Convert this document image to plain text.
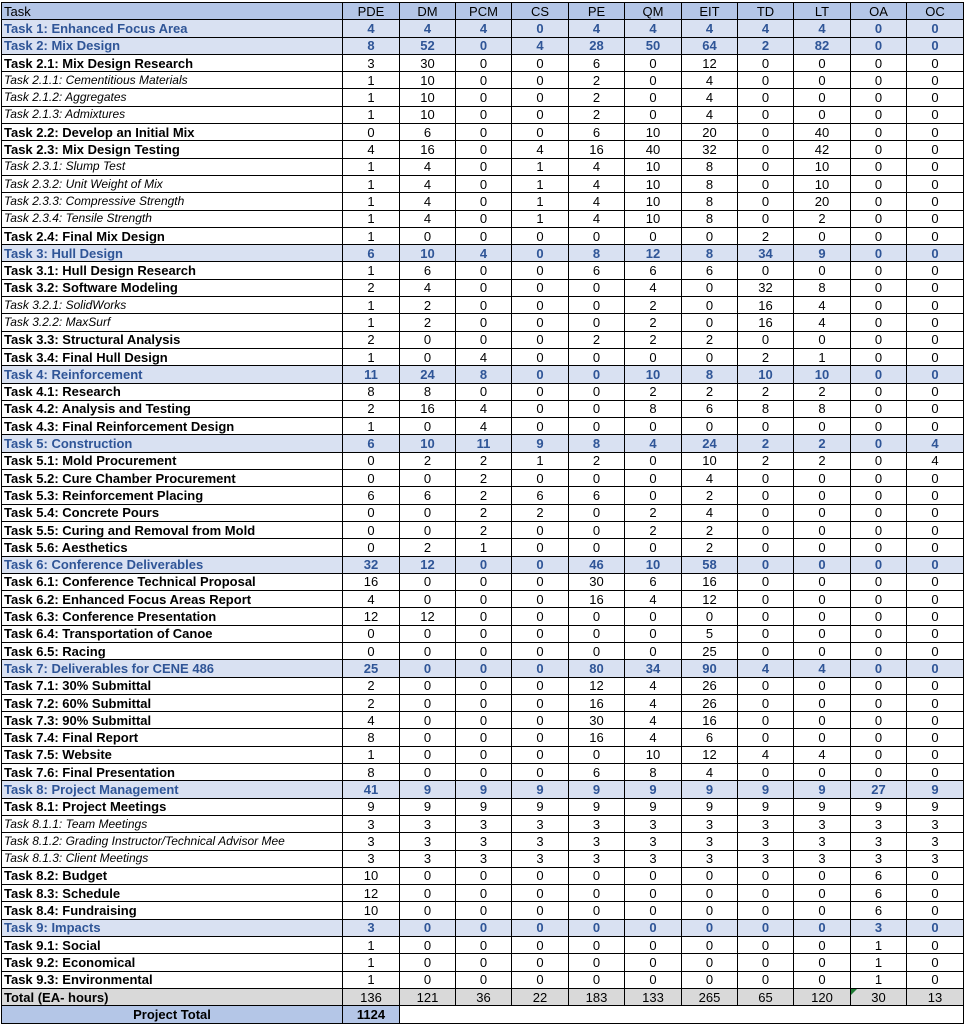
Task	PDE	DM	PCM	CS	PE	QM	EIT	TD	LT	OA	OC
Task 1: Enhanced Focus Area	4	4	4	0	4	4	4	4	4	0	0
Task 2: Mix Design	8	52	0	4	28	50	64	2	82	0	0
Task 2.1: Mix Design Research	3	30	0	0	6	0	12	0	0	0	0
Task 2.1.1: Cementitious Materials	1	10	0	0	2	0	4	0	0	0	0
Task 2.1.2: Aggregates	1	10	0	0	2	0	4	0	0	0	0
Task 2.1.3: Admixtures	1	10	0	0	2	0	4	0	0	0	0
Task 2.2: Develop an Initial Mix	0	6	0	0	6	10	20	0	40	0	0
Task 2.3: Mix Design Testing	4	16	0	4	16	40	32	0	42	0	0
Task 2.3.1: Slump Test	1	4	0	1	4	10	8	0	10	0	0
Task 2.3.2: Unit Weight of Mix	1	4	0	1	4	10	8	0	10	0	0
Task 2.3.3: Compressive Strength	1	4	0	1	4	10	8	0	20	0	0
Task 2.3.4: Tensile Strength	1	4	0	1	4	10	8	0	2	0	0
Task 2.4: Final Mix Design	1	0	0	0	0	0	0	2	0	0	0
Task 3: Hull Design	6	10	4	0	8	12	8	34	9	0	0
Task 3.1: Hull Design Research	1	6	0	0	6	6	6	0	0	0	0
Task 3.2: Software Modeling	2	4	0	0	0	4	0	32	8	0	0
Task 3.2.1: SolidWorks	1	2	0	0	0	2	0	16	4	0	0
Task 3.2.2: MaxSurf	1	2	0	0	0	2	0	16	4	0	0
Task 3.3: Structural Analysis	2	0	0	0	2	2	2	0	0	0	0
Task 3.4: Final Hull Design	1	0	4	0	0	0	0	2	1	0	0
Task 4: Reinforcement	11	24	8	0	0	10	8	10	10	0	0
Task 4.1: Research	8	8	0	0	0	2	2	2	2	0	0
Task 4.2: Analysis and Testing	2	16	4	0	0	8	6	8	8	0	0
Task 4.3: Final Reinforcement Design	1	0	4	0	0	0	0	0	0	0	0
Task 5: Construction	6	10	11	9	8	4	24	2	2	0	4
Task 5.1: Mold Procurement	0	2	2	1	2	0	10	2	2	0	4
Task 5.2: Cure Chamber Procurement	0	0	2	0	0	0	4	0	0	0	0
Task 5.3: Reinforcement Placing	6	6	2	6	6	0	2	0	0	0	0
Task 5.4: Concrete Pours	0	0	2	2	0	2	4	0	0	0	0
Task 5.5: Curing and Removal from Mold	0	0	2	0	0	2	2	0	0	0	0
Task 5.6: Aesthetics	0	2	1	0	0	0	2	0	0	0	0
Task 6: Conference Deliverables	32	12	0	0	46	10	58	0	0	0	0
Task 6.1: Conference Technical Proposal	16	0	0	0	30	6	16	0	0	0	0
Task 6.2: Enhanced Focus Areas Report	4	0	0	0	16	4	12	0	0	0	0
Task 6.3: Conference Presentation	12	12	0	0	0	0	0	0	0	0	0
Task 6.4: Transportation of Canoe	0	0	0	0	0	0	5	0	0	0	0
Task 6.5: Racing	0	0	0	0	0	0	25	0	0	0	0
Task 7: Deliverables for CENE 486	25	0	0	0	80	34	90	4	4	0	0
Task 7.1: 30% Submittal	2	0	0	0	12	4	26	0	0	0	0
Task 7.2: 60% Submittal	2	0	0	0	16	4	26	0	0	0	0
Task 7.3: 90% Submittal	4	0	0	0	30	4	16	0	0	0	0
Task 7.4: Final Report	8	0	0	0	16	4	6	0	0	0	0
Task 7.5: Website	1	0	0	0	0	10	12	4	4	0	0
Task 7.6: Final Presentation	8	0	0	0	6	8	4	0	0	0	0
Task 8: Project Management	41	9	9	9	9	9	9	9	9	27	9
Task 8.1: Project Meetings	9	9	9	9	9	9	9	9	9	9	9
Task 8.1.1: Team Meetings	3	3	3	3	3	3	3	3	3	3	3
Task 8.1.2: Grading Instructor/Technical Advisor Mee	3	3	3	3	3	3	3	3	3	3	3
Task 8.1.3: Client Meetings	3	3	3	3	3	3	3	3	3	3	3
Task 8.2: Budget	10	0	0	0	0	0	0	0	0	6	0
Task 8.3: Schedule	12	0	0	0	0	0	0	0	0	6	0
Task 8.4: Fundraising	10	0	0	0	0	0	0	0	0	6	0
Task 9: Impacts	3	0	0	0	0	0	0	0	0	3	0
Task 9.1: Social	1	0	0	0	0	0	0	0	0	1	0
Task 9.2: Economical	1	0	0	0	0	0	0	0	0	1	0
Task 9.3: Environmental	1	0	0	0	0	0	0	0	0	1	0
Total (EA- hours)	136	121	36	22	183	133	265	65	120	30	13
Project Total	1124										
